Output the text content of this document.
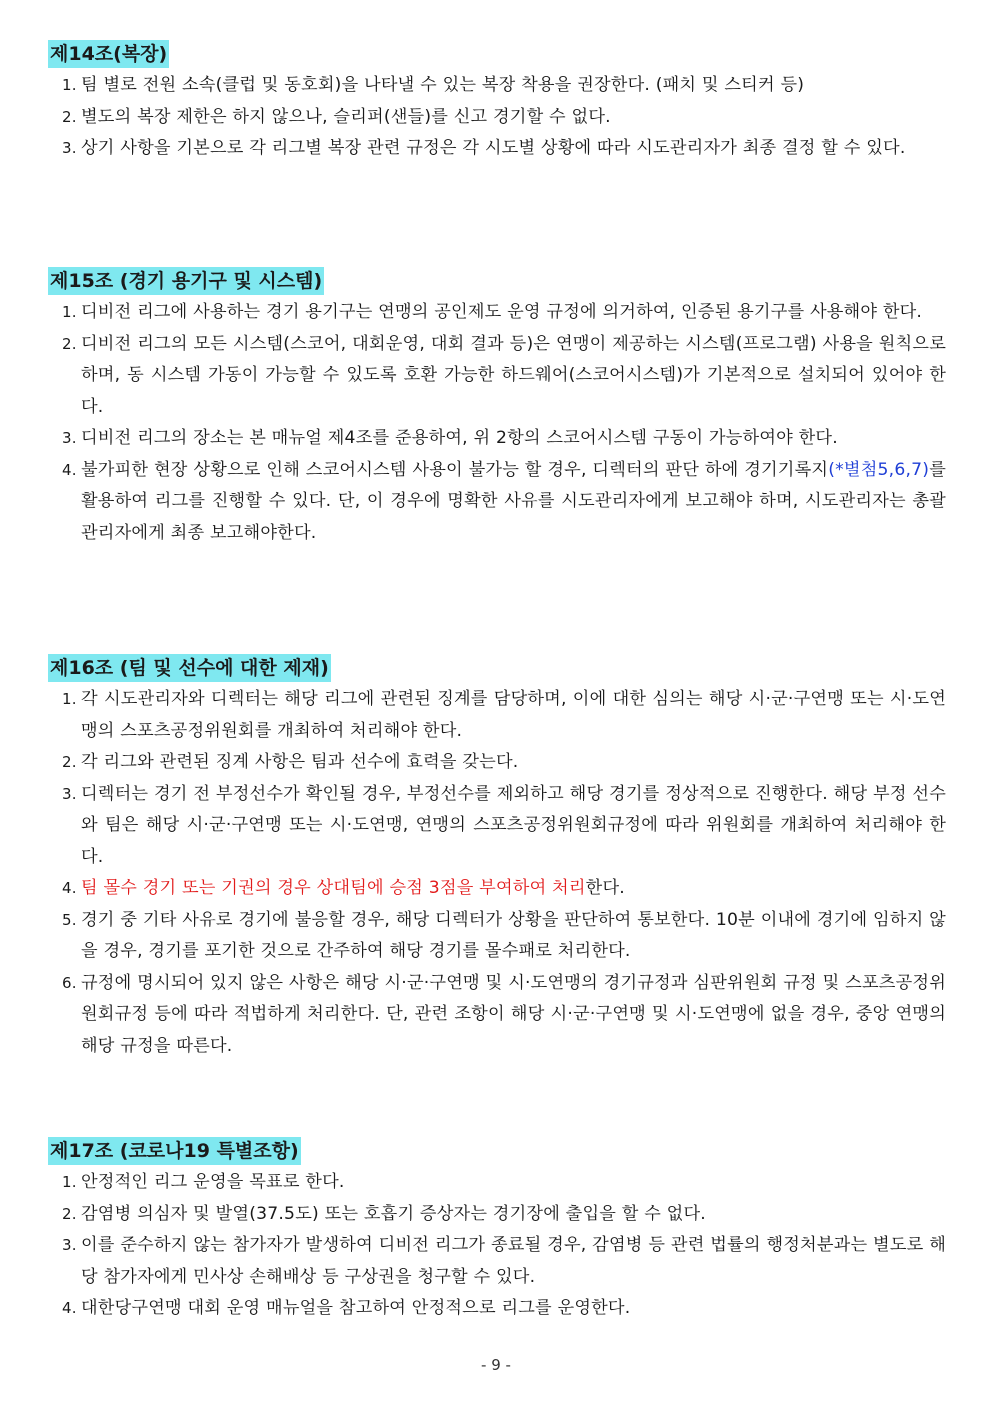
제14조(복장)
1. 팀 별로 전원 소속(클럽 및 동호회)을 나타낼 수 있는 복장 착용을 권장한다. (패치 및 스티커 등)
2. 별도의 복장 제한은 하지 않으나, 슬리퍼(샌들)를 신고 경기할 수 없다.
3. 상기 사항을 기본으로 각 리그별 복장 관련 규정은 각 시도별 상황에 따라 시도관리자가 최종 결정 할 수 있다.
제15조 (경기 용기구 및 시스템)
1. 디비전 리그에 사용하는 경기 용기구는 연맹의 공인제도 운영 규정에 의거하여, 인증된 용기구를 사용해야 한다.
2. 디비전 리그의 모든 시스템(스코어, 대회운영, 대회 결과 등)은 연맹이 제공하는 시스템(프로그램) 사용을 원칙으로 하며, 동 시스템 가동이 가능할 수 있도록 호환 가능한 하드웨어(스코어시스템)가 기본적으로 설치되어 있어야 한다.
3. 디비전 리그의 장소는 본 매뉴얼 제4조를 준용하여, 위 2항의 스코어시스템 구동이 가능하여야 한다.
4. 불가피한 현장 상황으로 인해 스코어시스템 사용이 불가능 할 경우, 디렉터의 판단 하에 경기기록지(*별첨5,6,7)를 활용하여 리그를 진행할 수 있다. 단, 이 경우에 명확한 사유를 시도관리자에게 보고해야 하며, 시도관리자는 총괄관리자에게 최종 보고해야한다.
제16조 (팀 및 선수에 대한 제재)
1. 각 시도관리자와 디렉터는 해당 리그에 관련된 징계를 담당하며, 이에 대한 심의는 해당 시·군·구연맹 또는 시·도연맹의 스포츠공정위원회를 개최하여 처리해야 한다.
2. 각 리그와 관련된 징계 사항은 팀과 선수에 효력을 갖는다.
3. 디렉터는 경기 전 부정선수가 확인될 경우, 부정선수를 제외하고 해당 경기를 정상적으로 진행한다. 해당 부정 선수와 팀은 해당 시·군·구연맹 또는 시·도연맹, 연맹의 스포츠공정위원회규정에 따라 위원회를 개최하여 처리해야 한다.
4. 팀 몰수 경기 또는 기권의 경우 상대팀에 승점 3점을 부여하여 처리한다.
5. 경기 중 기타 사유로 경기에 불응할 경우, 해당 디렉터가 상황을 판단하여 통보한다. 10분 이내에 경기에 임하지 않을 경우, 경기를 포기한 것으로 간주하여 해당 경기를 몰수패로 처리한다.
6. 규정에 명시되어 있지 않은 사항은 해당 시·군·구연맹 및 시·도연맹의 경기규정과 심판위원회 규정 및 스포츠공정위원회규정 등에 따라 적법하게 처리한다. 단, 관련 조항이 해당 시·군·구연맹 및 시·도연맹에 없을 경우, 중앙 연맹의 해당 규정을 따른다.
제17조 (코로나19 특별조항)
1. 안정적인 리그 운영을 목표로 한다.
2. 감염병 의심자 및 발열(37.5도) 또는 호흡기 증상자는 경기장에 출입을 할 수 없다.
3. 이를 준수하지 않는 참가자가 발생하여 디비전 리그가 종료될 경우, 감염병 등 관련 법률의 행정처분과는 별도로 해당 참가자에게 민사상 손해배상 등 구상권을 청구할 수 있다.
4. 대한당구연맹 대회 운영 매뉴얼을 참고하여 안정적으로 리그를 운영한다.
- 9 -
